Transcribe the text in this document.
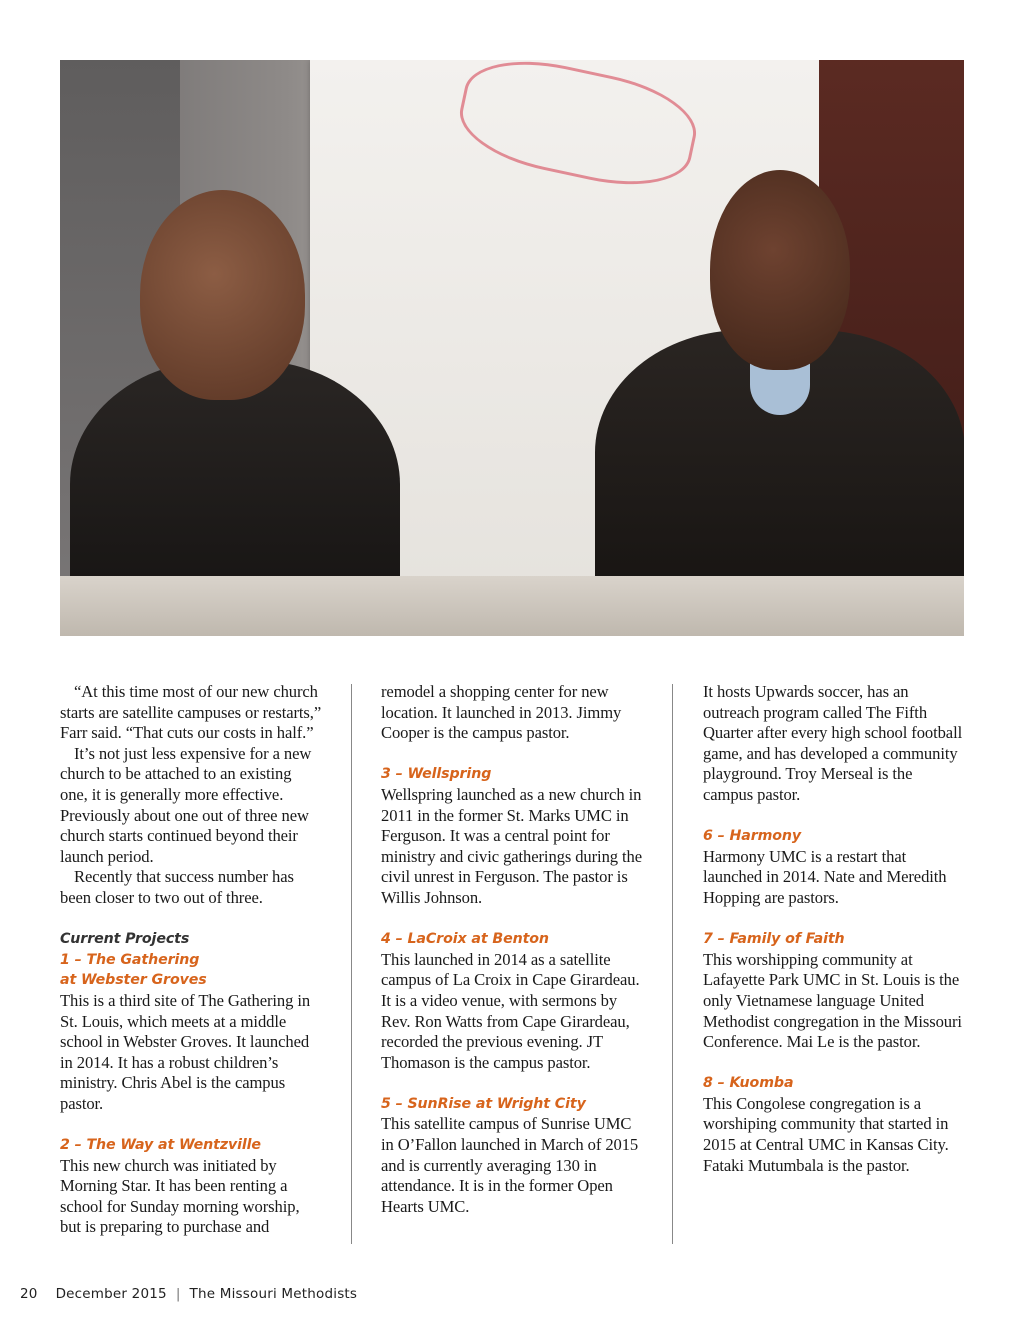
“At this time most of our new church starts are satellite campuses or restarts,” Farr said. “That cuts our costs in half.”

It’s not just less expensive for a new church to be attached to an existing one, it is generally more effective. Previously about one out of three new church starts continued beyond their launch period.

Recently that success number has been closer to two out of three.

Current Projects

1 – The Gathering

at Webster Groves

This is a third site of The Gathering in St. Louis, which meets at a middle school in Webster Groves. It launched in 2014. It has a robust children’s ministry. Chris Abel is the campus pastor.

2 – The Way at Wentzville

This new church was initiated by Morning Star. It has been renting a school for Sunday morning worship, but is preparing to purchase and

remodel a shopping center for new location. It launched in 2013. Jimmy Cooper is the campus pastor.

3 – Wellspring

Wellspring launched as a new church in 2011 in the former St. Marks UMC in Ferguson. It was a central point for ministry and civic gatherings during the civil unrest in Ferguson. The pastor is Willis Johnson.

4 – LaCroix at Benton

This launched in 2014 as a satellite campus of La Croix in Cape Girardeau. It is a video venue, with sermons by Rev. Ron Watts from Cape Girardeau, recorded the previous evening. JT Thomason is the campus pastor.

5 – SunRise at Wright City

This satellite campus of Sunrise UMC in O’Fallon launched in March of 2015 and is currently averaging 130 in attendance. It is in the former Open Hearts UMC.

It hosts Upwards soccer, has an outreach program called The Fifth Quarter after every high school football game, and has developed a community playground. Troy Merseal is the campus pastor.

6 – Harmony

Harmony UMC is a restart that launched in 2014. Nate and Meredith Hopping are pastors.

7 – Family of Faith

This worshipping community at Lafayette Park UMC in St. Louis is the only Vietnamese language United Methodist congregation in the Missouri Conference. Mai Le is the pastor.

8 – Kuomba

This Congolese congregation is a worshiping community that started in 2015 at Central UMC in Kansas City. Fataki Mutumbala is the pastor.

20 December 2015 | The Missouri Methodists
